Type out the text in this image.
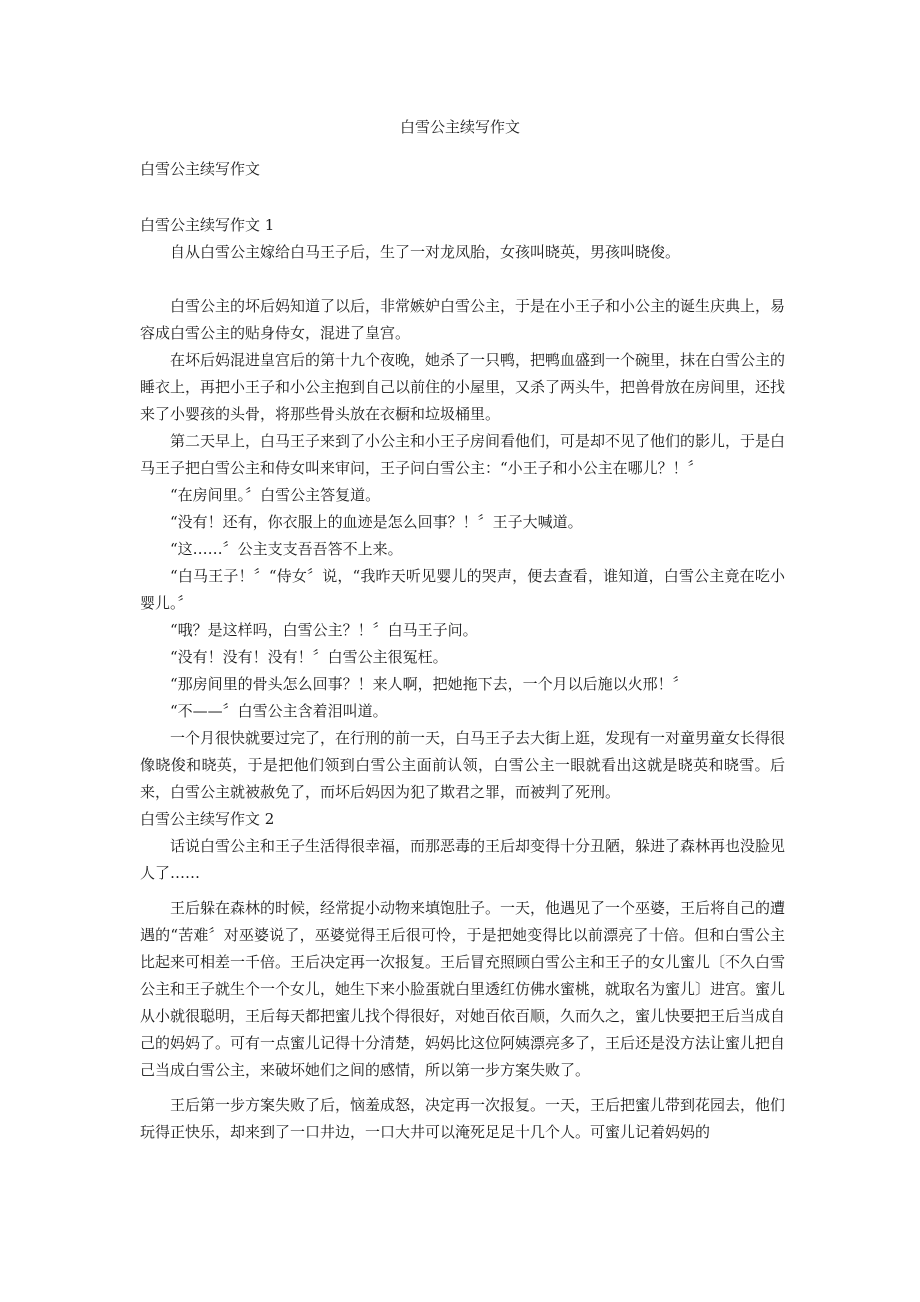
白雪公主续写作文
白雪公主续写作文

白雪公主续写作文 1

自从白雪公主嫁给白马王子后，生了一对龙凤胎，女孩叫晓英，男孩叫晓俊。

白雪公主的坏后妈知道了以后，非常嫉妒白雪公主，于是在小王子和小公主的诞生庆典上，易容成白雪公主的贴身侍女，混进了皇宫。

在坏后妈混进皇宫后的第十九个夜晚，她杀了一只鸭，把鸭血盛到一个碗里，抹在白雪公主的睡衣上，再把小王子和小公主抱到自己以前住的小屋里，又杀了两头牛，把兽骨放在房间里，还找来了小婴孩的头骨，将那些骨头放在衣橱和垃圾桶里。

第二天早上，白马王子来到了小公主和小王子房间看他们，可是却不见了他们的影儿，于是白马王子把白雪公主和侍女叫来审问，王子问白雪公主：“小王子和小公主在哪儿？！〞

“在房间里。〞白雪公主答复道。

“没有！还有，你衣服上的血迹是怎么回事？！〞王子大喊道。

“这……〞公主支支吾吾答不上来。

“白马王子！〞“侍女〞说，“我昨天听见婴儿的哭声，便去查看，谁知道，白雪公主竟在吃小婴儿。〞

“哦？是这样吗，白雪公主？！〞白马王子问。

“没有！没有！没有！〞白雪公主很冤枉。

“那房间里的骨头怎么回事？！来人啊，把她拖下去，一个月以后施以火邢！〞

“不——〞白雪公主含着泪叫道。

一个月很快就要过完了，在行刑的前一天，白马王子去大街上逛，发现有一对童男童女长得很像晓俊和晓英，于是把他们领到白雪公主面前认领，白雪公主一眼就看出这就是晓英和晓雪。后来，白雪公主就被赦免了，而坏后妈因为犯了欺君之罪，而被判了死刑。

白雪公主续写作文 2

话说白雪公主和王子生活得很幸福，而那恶毒的王后却变得十分丑陋，躲进了森林再也没脸见人了……

王后躲在森林的时候，经常捉小动物来填饱肚子。一天，他遇见了一个巫婆，王后将自己的遭遇的“苦难〞对巫婆说了，巫婆觉得王后很可怜，于是把她变得比以前漂亮了十倍。但和白雪公主比起来可相差一千倍。王后决定再一次报复。王后冒充照顾白雪公主和王子的女儿蜜儿〔不久白雪公主和王子就生个一个女儿，她生下来小脸蛋就白里透红仿佛水蜜桃，就取名为蜜儿〕进宫。蜜儿从小就很聪明，王后每天都把蜜儿找个得很好，对她百依百顺，久而久之，蜜儿快要把王后当成自己的妈妈了。可有一点蜜儿记得十分清楚，妈妈比这位阿姨漂亮多了，王后还是没方法让蜜儿把自己当成白雪公主，来破坏她们之间的感情，所以第一步方案失败了。

王后第一步方案失败了后，恼羞成怒，决定再一次报复。一天，王后把蜜儿带到花园去，他们玩得正快乐，却来到了一口井边，一口大井可以淹死足足十几个人。可蜜儿记着妈妈的
